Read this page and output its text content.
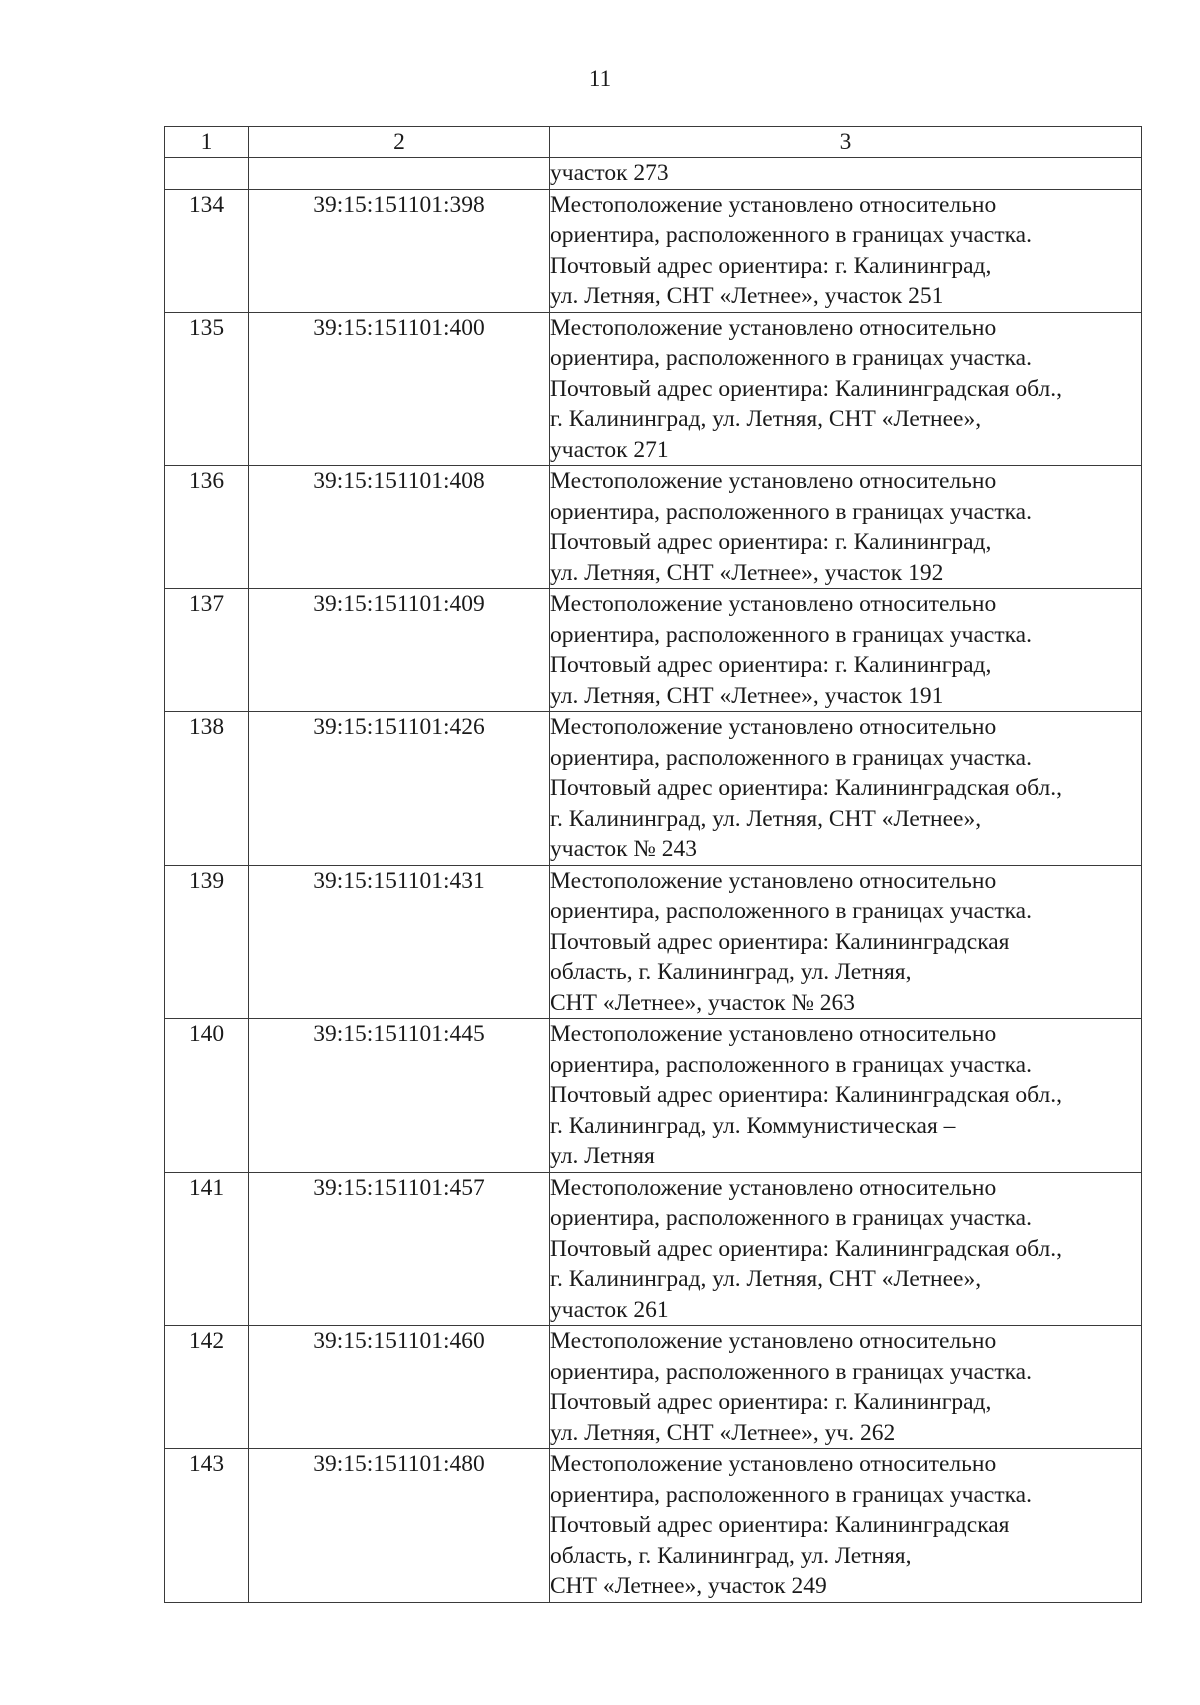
11
1	2	3

		участок 273

134	39:15:151101:398	Местоположение установлено относительно
ориентира, расположенного в границах участка.
Почтовый адрес ориентира: г. Калининград,
ул. Летняя, СНТ «Летнее», участок 251

135	39:15:151101:400	Местоположение установлено относительно
ориентира, расположенного в границах участка.
Почтовый адрес ориентира: Калининградская обл.,
г. Калининград, ул. Летняя, СНТ «Летнее»,
участок 271

136	39:15:151101:408	Местоположение установлено относительно
ориентира, расположенного в границах участка.
Почтовый адрес ориентира: г. Калининград,
ул. Летняя, СНТ «Летнее», участок 192

137	39:15:151101:409	Местоположение установлено относительно
ориентира, расположенного в границах участка.
Почтовый адрес ориентира: г. Калининград,
ул. Летняя, СНТ «Летнее», участок 191

138	39:15:151101:426	Местоположение установлено относительно
ориентира, расположенного в границах участка.
Почтовый адрес ориентира: Калининградская обл.,
г. Калининград, ул. Летняя, СНТ «Летнее»,
участок № 243

139	39:15:151101:431	Местоположение установлено относительно
ориентира, расположенного в границах участка.
Почтовый адрес ориентира: Калининградская
область, г. Калининград, ул. Летняя,
СНТ «Летнее», участок № 263

140	39:15:151101:445	Местоположение установлено относительно
ориентира, расположенного в границах участка.
Почтовый адрес ориентира: Калининградская обл.,
г. Калининград, ул. Коммунистическая –
ул. Летняя

141	39:15:151101:457	Местоположение установлено относительно
ориентира, расположенного в границах участка.
Почтовый адрес ориентира: Калининградская обл.,
г. Калининград, ул. Летняя, СНТ «Летнее»,
участок 261

142	39:15:151101:460	Местоположение установлено относительно
ориентира, расположенного в границах участка.
Почтовый адрес ориентира: г. Калининград,
ул. Летняя, СНТ «Летнее», уч. 262

143	39:15:151101:480	Местоположение установлено относительно
ориентира, расположенного в границах участка.
Почтовый адрес ориентира: Калининградская
область, г. Калининград, ул. Летняя,
СНТ «Летнее», участок 249
